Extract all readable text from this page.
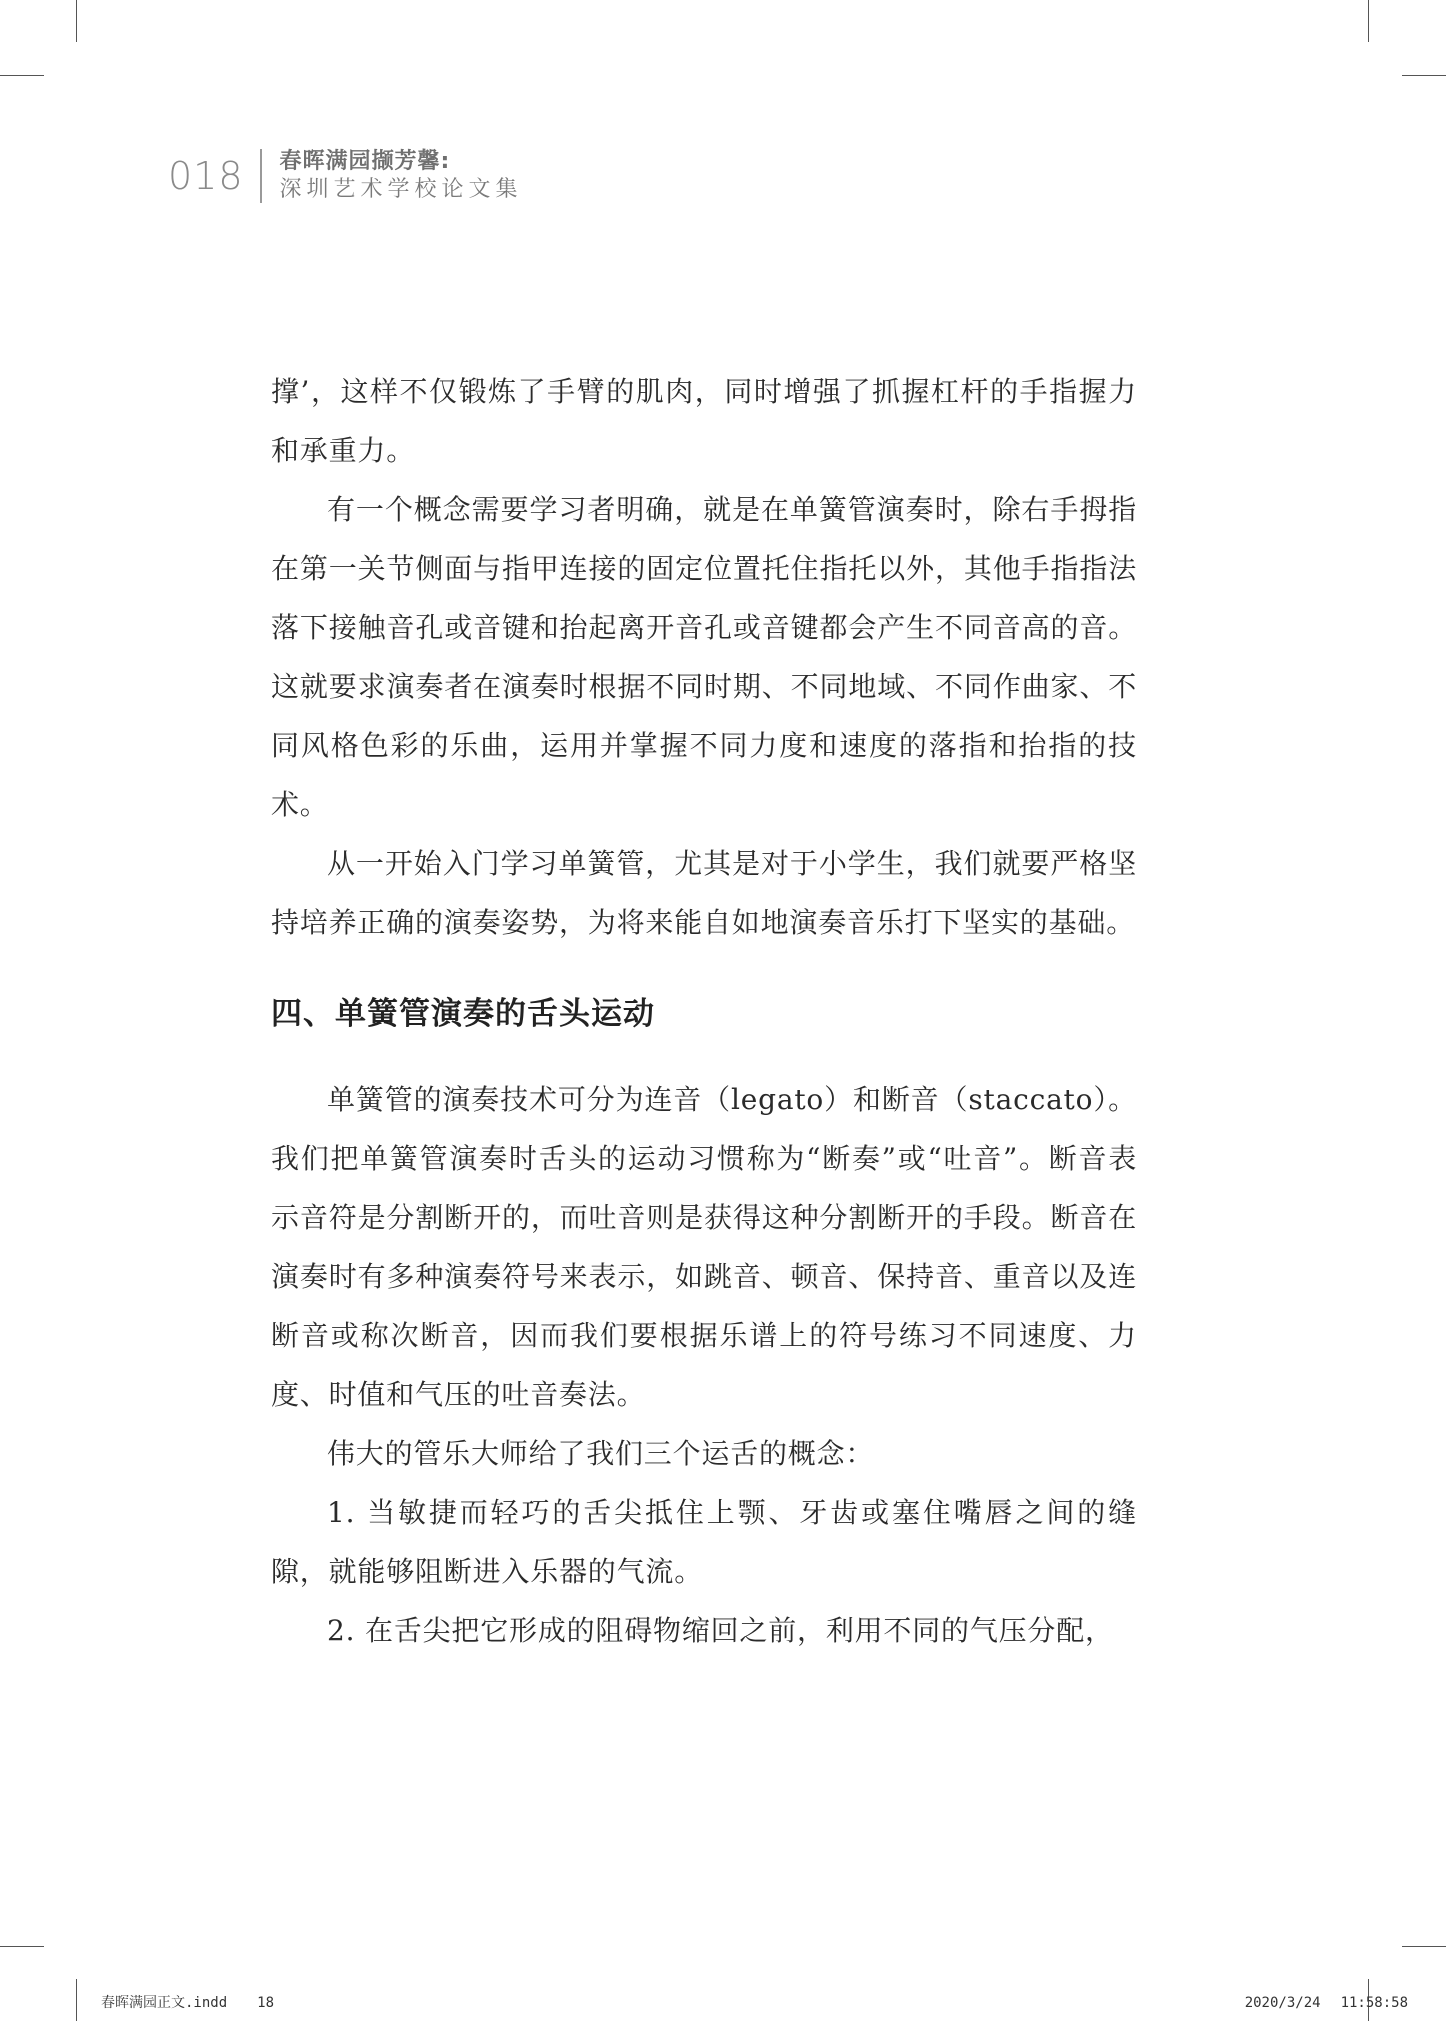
018 春晖满园撷芳馨:
深圳艺术学校论文集

撑’，这样不仅锻炼了手臂的肌肉，同时增强了抓握杠杆的手指握力和承重力。

有一个概念需要学习者明确，就是在单簧管演奏时，除右手拇指在第一关节侧面与指甲连接的固定位置托住指托以外，其他手指指法落下接触音孔或音键和抬起离开音孔或音键都会产生不同音高的音。这就要求演奏者在演奏时根据不同时期、不同地域、不同作曲家、不同风格色彩的乐曲，运用并掌握不同力度和速度的落指和抬指的技术。

从一开始入门学习单簧管，尤其是对于小学生，我们就要严格坚持培养正确的演奏姿势，为将来能自如地演奏音乐打下坚实的基础。

四、单簧管演奏的舌头运动

单簧管的演奏技术可分为连音（legato）和断音（staccato）。我们把单簧管演奏时舌头的运动习惯称为“断奏”或“吐音”。断音表示音符是分割断开的，而吐音则是获得这种分割断开的手段。断音在演奏时有多种演奏符号来表示，如跳音、顿音、保持音、重音以及连断音或称次断音，因而我们要根据乐谱上的符号练习不同速度、力度、时值和气压的吐音奏法。

伟大的管乐大师给了我们三个运舌的概念：

1. 当敏捷而轻巧的舌尖抵住上颚、牙齿或塞住嘴唇之间的缝隙，就能够阻断进入乐器的气流。

2. 在舌尖把它形成的阻碍物缩回之前，利用不同的气压分配，

春晖满园正文.indd 18	2020/3/24 11:58:58
